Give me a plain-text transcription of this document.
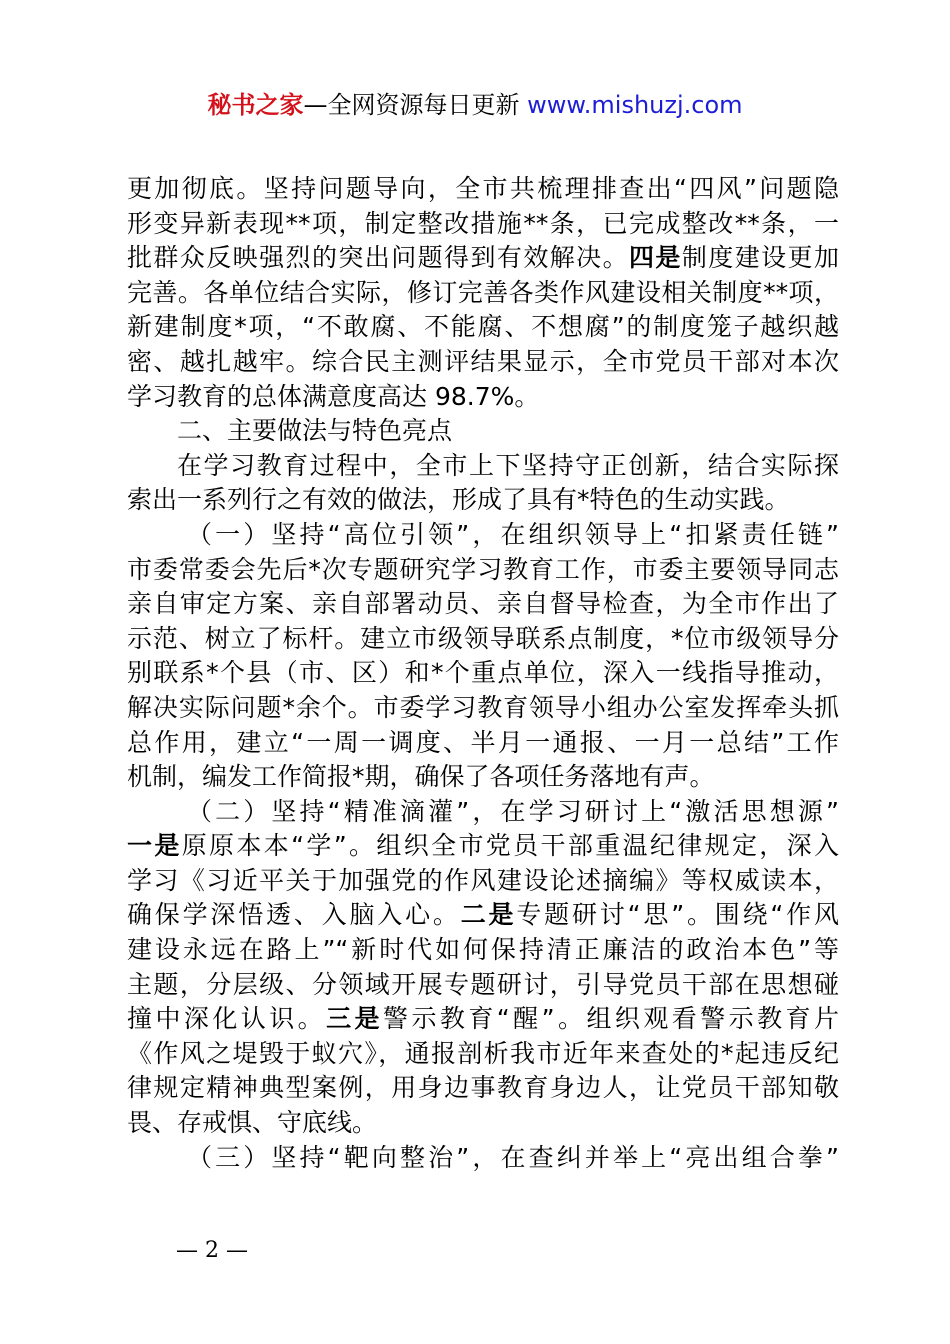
秘书之家—全网资源每日更新 www.mishuzj.com
更加彻底。坚持问题导向，全市共梳理排查出“四风”问题隐
形变异新表现**项，制定整改措施**条，已完成整改**条，一
批群众反映强烈的突出问题得到有效解决。四是制度建设更加
完善。各单位结合实际，修订完善各类作风建设相关制度**项，
新建制度*项，“不敢腐、不能腐、不想腐”的制度笼子越织越
密、越扎越牢。综合民主测评结果显示，全市党员干部对本次
学习教育的总体满意度高达 98.7%。
二、主要做法与特色亮点
在学习教育过程中，全市上下坚持守正创新，结合实际探
索出一系列行之有效的做法，形成了具有*特色的生动实践。
（一）坚持“高位引领”，在组织领导上“扣紧责任链”
市委常委会先后*次专题研究学习教育工作，市委主要领导同志
亲自审定方案、亲自部署动员、亲自督导检查，为全市作出了
示范、树立了标杆。建立市级领导联系点制度，*位市级领导分
别联系*个县（市、区）和*个重点单位，深入一线指导推动，
解决实际问题*余个。市委学习教育领导小组办公室发挥牵头抓
总作用，建立“一周一调度、半月一通报、一月一总结”工作
机制，编发工作简报*期，确保了各项任务落地有声。
（二）坚持“精准滴灌”，在学习研讨上“激活思想源”
一是原原本本“学”。组织全市党员干部重温纪律规定，深入
学习《习近平关于加强党的作风建设论述摘编》等权威读本，
确保学深悟透、入脑入心。二是专题研讨“思”。围绕“作风
建设永远在路上”“新时代如何保持清正廉洁的政治本色”等
主题，分层级、分领域开展专题研讨，引导党员干部在思想碰
撞中深化认识。三是警示教育“醒”。组织观看警示教育片
《作风之堤毁于蚁穴》，通报剖析我市近年来查处的*起违反纪
律规定精神典型案例，用身边事教育身边人，让党员干部知敬
畏、存戒惧、守底线。
（三）坚持“靶向整治”，在查纠并举上“亮出组合拳”
— 2 —
